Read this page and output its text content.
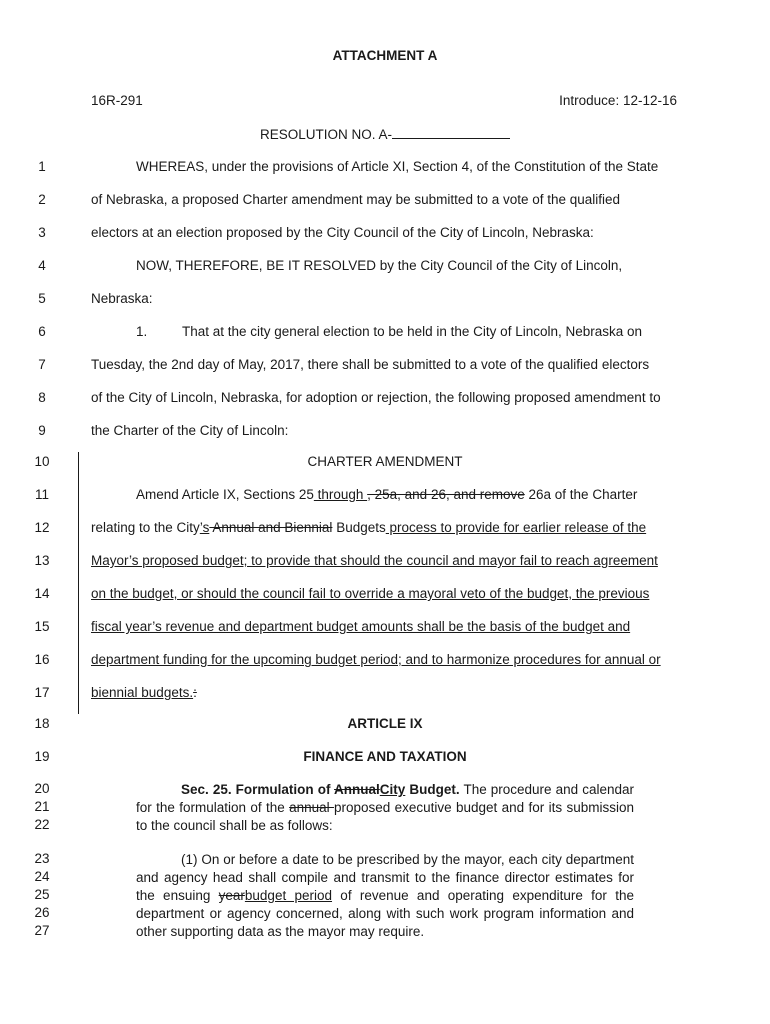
ATTACHMENT A
16R-291	Introduce: 12-12-16
RESOLUTION NO. A-
1	WHEREAS, under the provisions of Article XI, Section 4, of the Constitution of the State
2	of Nebraska, a proposed Charter amendment may be submitted to a vote of the qualified
3	electors at an election proposed by the City Council of the City of Lincoln, Nebraska:
4	NOW, THEREFORE, BE IT RESOLVED by the City Council of the City of Lincoln,
5	Nebraska:
6	1.	That at the city general election to be held in the City of Lincoln, Nebraska on
7	Tuesday, the 2nd day of May, 2017, there shall be submitted to a vote of the qualified electors
8	of the City of Lincoln, Nebraska, for adoption or rejection, the following proposed amendment to
9	the Charter of the City of Lincoln:
10	CHARTER AMENDMENT
11	Amend Article IX, Sections 25 through , 25a, and 26, and remove 26a of the Charter
12	relating to the City’s Annual and Biennial Budgets process to provide for earlier release of the
13	Mayor’s proposed budget; to provide that should the council and mayor fail to reach agreement
14	on the budget, or should the council fail to override a mayoral veto of the budget, the previous
15	fiscal year’s revenue and department budget amounts shall be the basis of the budget and
16	department funding for the upcoming budget period; and to harmonize procedures for annual or
17	biennial budgets.:
18	ARTICLE IX
19	FINANCE AND TAXATION
20
21
22
Sec. 25. Formulation of AnnualCity Budget. The procedure and calendar for the formulation of the annual proposed executive budget and for its submission to the council shall be as follows:
23
24
25
26
27
(1) On or before a date to be prescribed by the mayor, each city department and agency head shall compile and transmit to the finance director estimates for the ensuing yearbudget period of revenue and operating expenditure for the department or agency concerned, along with such work program information and other supporting data as the mayor may require.
